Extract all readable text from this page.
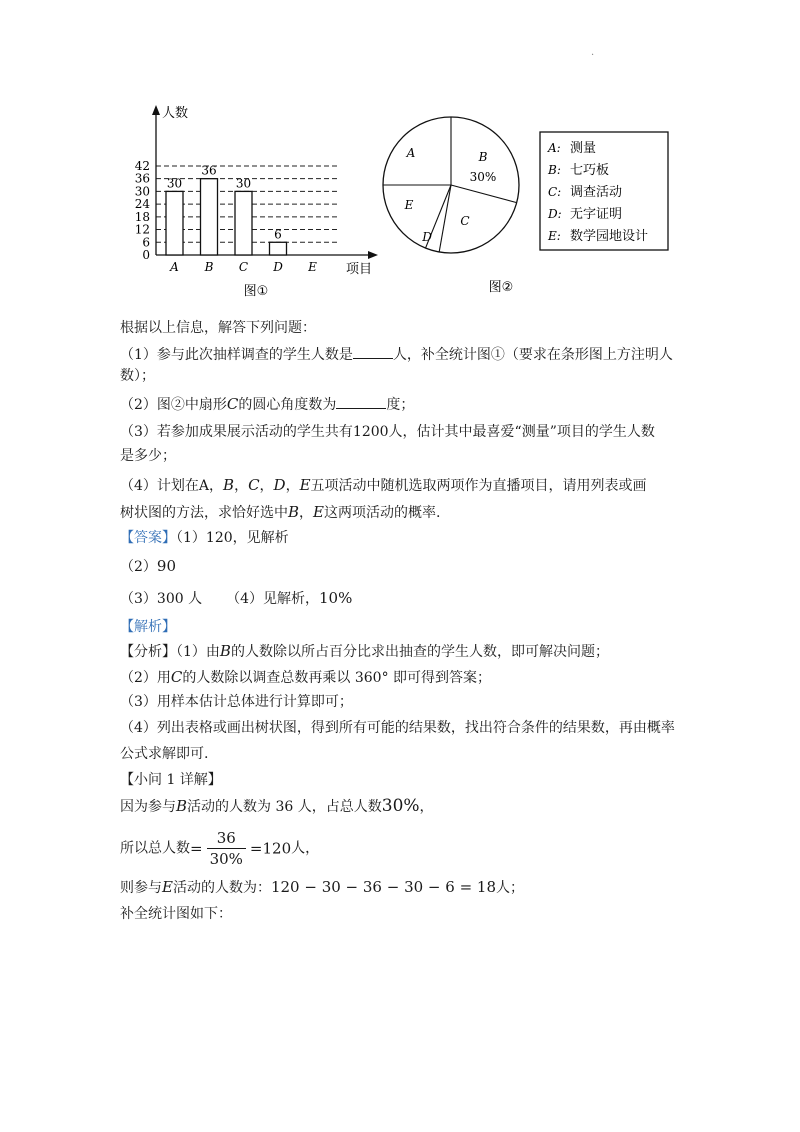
·
0
6
12
18
24
30
36
42
人数
项目
30
A
36
B
30
C
6
D E
图①
A	B
C
D
E
30%
图②
A: 测量
B: 七巧板
C: 调查活动
D: 无字证明
E: 数学园地设计
根据以上信息，解答下列问题：
（1）参与此次抽样调查的学生人数是	人，补全统计图①（要求在条形图上方注明人
数）；
（2）图②中扇形C的圆心角度数为	度；
（3）若参加成果展示活动的学生共有1200人，估计其中最喜爱“测量”项目的学生人数
是多少；
（4）计划在A，B，C，D，E五项活动中随机选取两项作为直播项目，请用列表或画
树状图的方法，求恰好选中B，E这两项活动的概率.
【答案】（1）120，见解析
（2）90
（3）300 人 （4）见解析，10%
【解析】
【分析】（1）由B的人数除以所占百分比求出抽查的学生人数，即可解决问题；
（2）用C的人数除以调查总数再乘以 360° 即可得到答案；
（3）用样本估计总体进行计算即可；
（4）列出表格或画出树状图，得到所有可能的结果数，找出符合条件的结果数，再由概率
公式求解即可.
【小问 1 详解】
因为参与B活动的人数为 36 人，占总人数30%，
所以总人数= $\frac{36}{30\%} =120$人，
则参与E活动的人数为：120 − 30 − 36 − 30 − 6 = 18人；
补全统计图如下：
